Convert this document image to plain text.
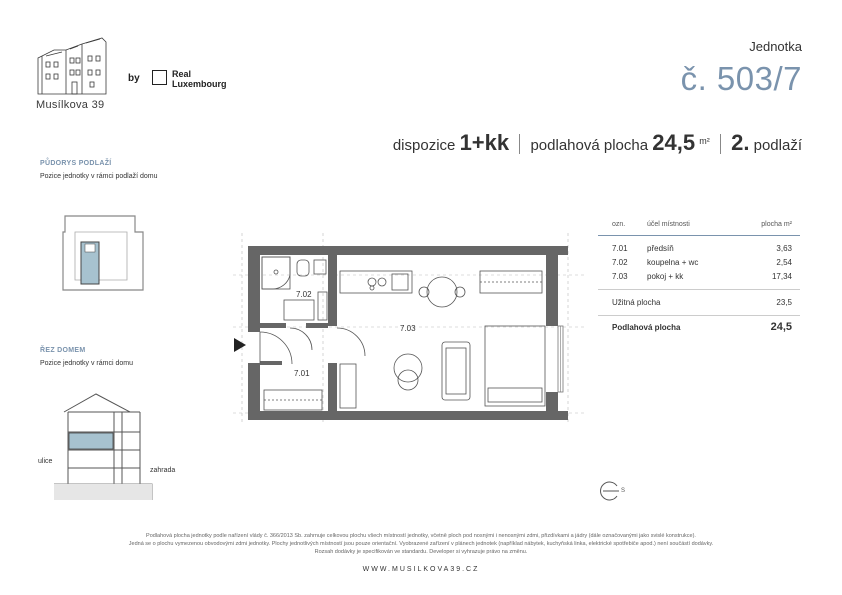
Musílkova 39
by	Real
Luxembourg
Jednotka
č. 503/7
dispozice 1+kk podlahová plocha 24,5 $^{m^2}$ 2. podlaží
PŮDORYS PODLAŽÍ
Pozice jednotky v rámci podlaží domu
ŘEZ DOMEM
Pozice jednotky v rámci domu
ulice
zahrada
7.02
7.03
7.01
S
ozn.	účel místnosti	plocha m²
7.01 předsíň	3,63
7.02 koupelna + wc	2,54
7.03 pokoj + kk	17,34
Užitná plocha	23,5
Podlahová plocha	24,5
Podlahová plocha jednotky podle nařízení vlády č. 366/2013 Sb. zahrnuje celkovou plochu všech místností jednotky, včetně ploch pod nosnými i nenosnými zdmi, přizdívkami a jádry (dále označovanými jako svislé konstrukce).
Jedná se o plochu vymezenou obvodovými zdmi jednotky. Plochy jednotlivých místností jsou pouze orientační. Vyobrazené zařízení v plánech jednotek (například nábytek, kuchyňská linka, elektrické spotřebiče apod.) není součástí dodávky.
Rozsah dodávky je specifikován ve standardu. Developer si vyhrazuje právo na změnu.
WWW.MUSILKOVA39.CZ
